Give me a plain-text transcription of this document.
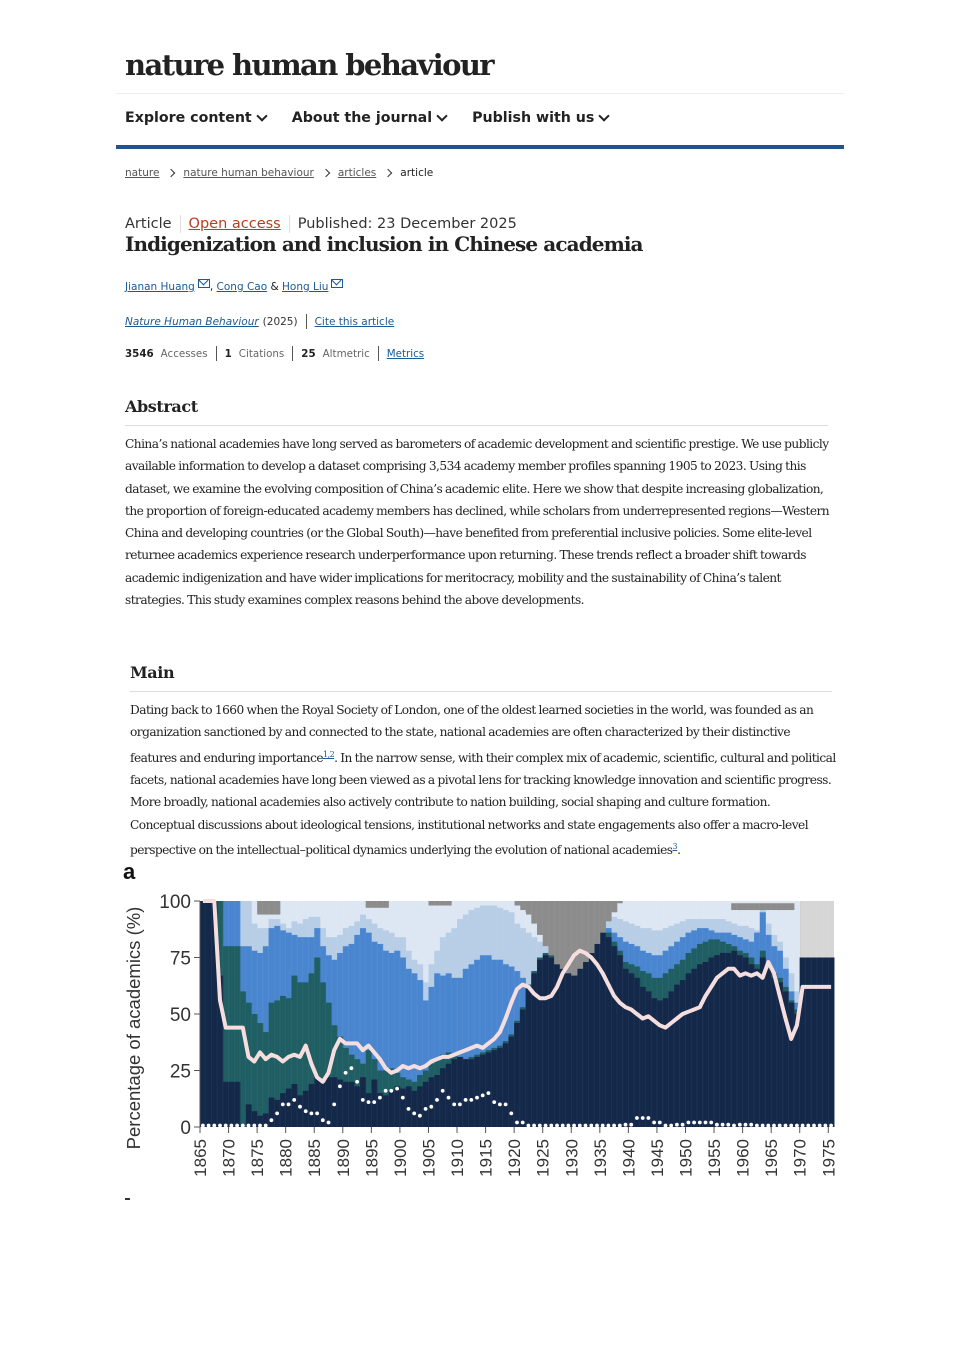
nature human behaviour
Explore content	About the journal	Publish with us
nature nature human behaviour articles article
Article Open access Published: 23 December 2025
Indigenization and inclusion in Chinese academia
Jianan Huang , Cong Cao & Hong Liu
Nature Human Behaviour (2025) Cite this article
3546 Accesses 1 Citations 25 Altmetric Metrics
Abstract

China’s national academies have long served as barometers of academic development and scientific prestige. We use publicly available information to develop a dataset comprising 3,534 academy member profiles spanning 1905 to 2023. Using this dataset, we examine the evolving composition of China’s academic elite. Here we show that despite increasing globalization, the proportion of foreign-educated academy members has declined, while scholars from underrepresented regions—Western China and developing countries (or the Global South)—have benefited from preferential inclusive policies. Some elite-level returnee academics experience research underperformance upon returning. These trends reflect a broader shift towards academic indigenization and have wider implications for meritocracy, mobility and the sustainability of China’s talent strategies. This study examines complex reasons behind the above developments.

Main

Dating back to 1660 when the Royal Society of London, one of the oldest learned societies in the world, was founded as an organization sanctioned by and connected to the state, national academies are often characterized by their distinctive features and enduring importance$^{1,2}$. In the narrow sense, with their complex mix of academic, scientific, cultural and political facets, national academies have long been viewed as a pivotal lens for tracking knowledge innovation and scientific progress. More broadly, national academies also actively contribute to nation building, social shaping and culture formation. Conceptual discussions about ideological tensions, institutional networks and state engagements also offer a macro-level perspective on the intellectual–political dynamics underlying the evolution of national academies$^3$.

a
0
25
50
75
100
1865 1870 1875 1880 1885 1890 1895 1900 1905 1910 1915 1920 1925 1930 1935 1940 1945 1950 1955 1960 1965 1970 1975
Percentage of academics (%)
